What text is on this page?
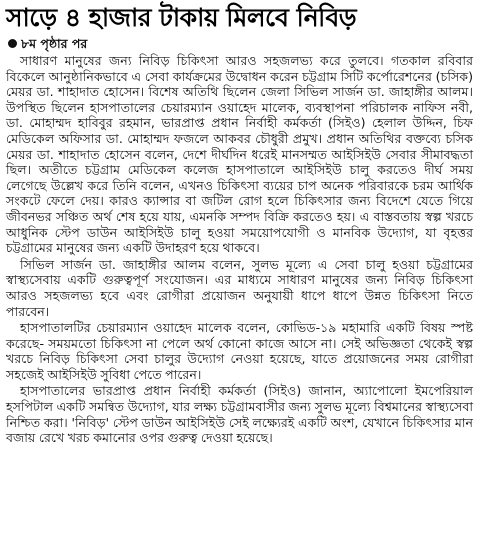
সাড়ে ৪ হাজার টাকায় মিলবে নিবিড়

৮ম পৃষ্ঠার পর

সাধারণ মানুষের জন্য নিবিড় চিকিৎসা আরও সহজলভ্য করে তুলবে। গতকাল রবিবার বিকেলে আনুষ্ঠানিকভাবে এ সেবা কার্যক্রমের উদ্বোধন করেন চট্টগ্রাম সিটি কর্পোরেশনের (চসিক) মেয়র ডা. শাহাদাত হোসেন। বিশেষ অতিথি ছিলেন জেলা সিভিল সার্জন ডা. জাহাঙ্গীর আলম। উপস্থিত ছিলেন হাসপাতালের চেয়ারম্যান ওয়াহেদ মালেক, ব্যবস্থাপনা পরিচালক নাফিস নবী, ডা. মোহাম্মদ হাবিবুর রহমান, ভারপ্রাপ্ত প্রধান নির্বাহী কর্মকর্তা (সিইও) হেলাল উদ্দিন, চিফ মেডিকেল অফিসার ডা. মোহাম্মদ ফজলে আকবর চৌধুরী প্রমুখ। প্রধান অতিথির বক্তব্যে চসিক মেয়র ডা. শাহাদাত হোসেন বলেন, দেশে দীর্ঘদিন ধরেই মানসম্মত আইসিইউ সেবার সীমাবদ্ধতা ছিল। অতীতে চট্টগ্রাম মেডিকেল কলেজ হাসপাতালে আইসিইউ চালু করতেও দীর্ঘ সময় লেগেছে উল্লেখ করে তিনি বলেন, এখনও চিকিৎসা ব্যয়ের চাপ অনেক পরিবারকে চরম আর্থিক সংকটে ফেলে দেয়। কারও ক্যান্সার বা জটিল রোগ হলে চিকিৎসার জন্য বিদেশে যেতে গিয়ে জীবনভর সঞ্চিত অর্থ শেষ হয়ে যায়, এমনকি সম্পদ বিক্রি করতেও হয়। এ বাস্তবতায় স্বল্প খরচে আধুনিক স্টেপ ডাউন আইসিইউ চালু হওয়া সময়োপযোগী ও মানবিক উদ্যোগ, যা বৃহত্তর চট্টগ্রামের মানুষের জন্য একটি উদাহরণ হয়ে থাকবে।

সিভিল সার্জন ডা. জাহাঙ্গীর আলম বলেন, সুলভ মূল্যে এ সেবা চালু হওয়া চট্টগ্রামের স্বাস্থ্যসেবায় একটি গুরুত্বপূর্ণ সংযোজন। এর মাধ্যমে সাধারণ মানুষের জন্য নিবিড় চিকিৎসা আরও সহজলভ্য হবে এবং রোগীরা প্রয়োজন অনুযায়ী ধাপে ধাপে উন্নত চিকিৎসা নিতে পারবেন।

হাসপাতালটির চেয়ারম্যান ওয়াহেদ মালেক বলেন, কোভিড-১৯ মহামারি একটি বিষয় স্পষ্ট করেছে- সময়মতো চিকিৎসা না পেলে অর্থ কোনো কাজে আসে না। সেই অভিজ্ঞতা থেকেই স্বল্প খরচে নিবিড় চিকিৎসা সেবা চালুর উদ্যোগ নেওয়া হয়েছে, যাতে প্রয়োজনের সময় রোগীরা সহজেই আইসিইউ সুবিধা পেতে পারেন।

হাসপাতালের ভারপ্রাপ্ত প্রধান নির্বাহী কর্মকর্তা (সিইও) জানান, অ্যাপোলো ইমপেরিয়াল হসপিটাল একটি সমন্বিত উদ্যোগ, যার লক্ষ্য চট্টগ্রামবাসীর জন্য সুলভ মূল্যে বিশ্বমানের স্বাস্থ্যসেবা নিশ্চিত করা। 'নিবিড়' স্টেপ ডাউন আইসিইউ সেই লক্ষ্যেরই একটি অংশ, যেখানে চিকিৎসার মান বজায় রেখে খরচ কমানোর ওপর গুরুত্ব দেওয়া হয়েছে।
